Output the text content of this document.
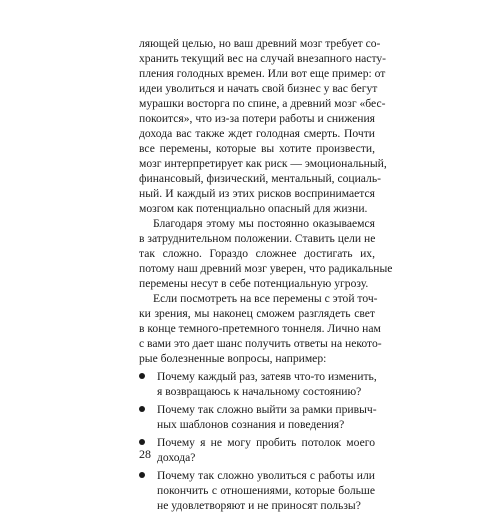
ляющей целью, но ваш древний мозг требует со-
хранить текущий вес на случай внезапного насту-
пления голодных времен. Или вот еще пример: от
идеи уволиться и начать свой бизнес у вас бегут
мурашки восторга по спине, а древний мозг «бес-
покоится», что из-за потери работы и снижения
дохода вас также ждет голодная смерть. Почти
все перемены, которые вы хотите произвести,
мозг интерпретирует как риск — эмоциональный,
финансовый, физический, ментальный, социаль-
ный. И каждый из этих рисков воспринимается
мозгом как потенциально опасный для жизни.
Благодаря этому мы постоянно оказываемся
в затруднительном положении. Ставить цели не
так сложно. Гораздо сложнее достигать их,
потому наш древний мозг уверен, что радикальные
перемены несут в себе потенциальную угрозу.
Если посмотреть на все перемены с этой точ-
ки зрения, мы наконец сможем разглядеть свет
в конце темного-претемного тоннеля. Лично нам
с вами это дает шанс получить ответы на некото-
рые болезненные вопросы, например:
Почему каждый раз, затеяв что-то изменить,
я возвращаюсь к начальному состоянию?
Почему так сложно выйти за рамки привыч-
ных шаблонов сознания и поведения?
Почему я не могу пробить потолок моего
дохода?
Почему так сложно уволиться с работы или
покончить с отношениями, которые больше
не удовлетворяют и не приносят пользы?
28
